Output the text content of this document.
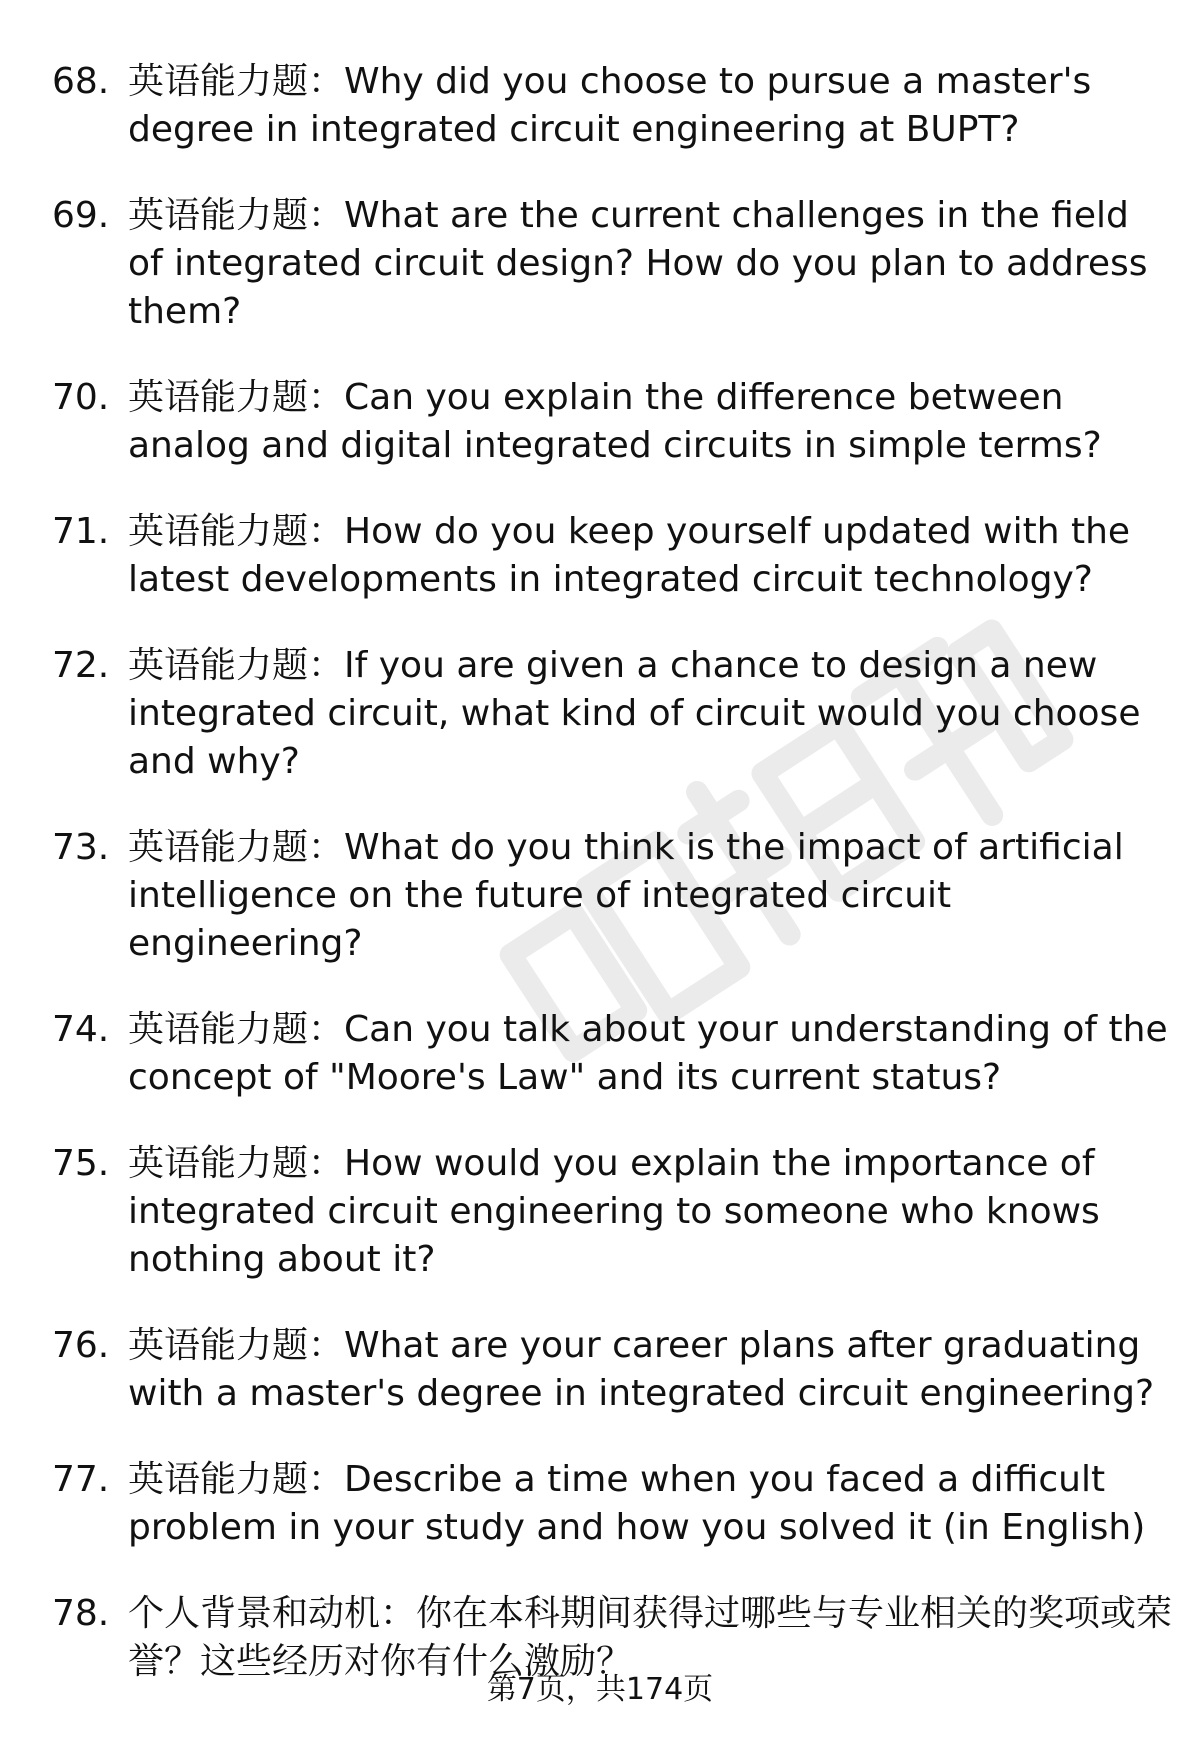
68. 英语能力题：Why did you choose to pursue a master's degree in integrated circuit engineering at BUPT?
69. 英语能力题：What are the current challenges in the field of integrated circuit design? How do you plan to address them?
70. 英语能力题：Can you explain the difference between analog and digital integrated circuits in simple terms?
71. 英语能力题：How do you keep yourself updated with the latest developments in integrated circuit technology?
72. 英语能力题：If you are given a chance to design a new integrated circuit, what kind of circuit would you choose and why?
73. 英语能力题：What do you think is the impact of artificial intelligence on the future of integrated circuit engineering?
74. 英语能力题：Can you talk about your understanding of the concept of "Moore's Law" and its current status?
75. 英语能力题：How would you explain the importance of integrated circuit engineering to someone who knows nothing about it?
76. 英语能力题：What are your career plans after graduating with a master's degree in integrated circuit engineering?
77. 英语能力题：Describe a time when you faced a difficult problem in your study and how you solved it (in English)
78. 个人背景和动机：你在本科期间获得过哪些与专业相关的奖项或荣誉？这些经历对你有什么激励？
第7页，共174页
